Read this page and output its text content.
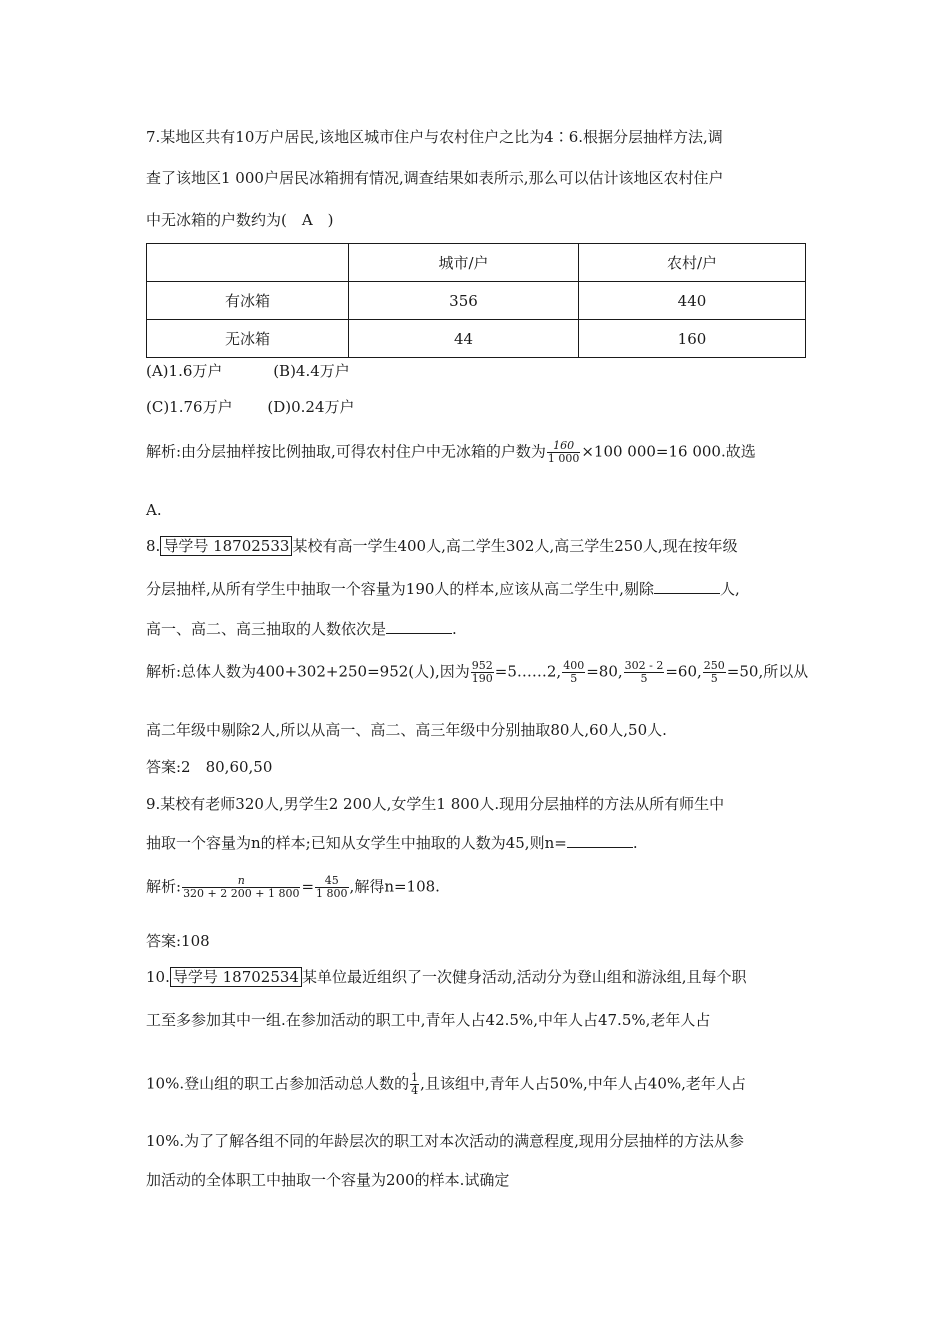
7.某地区共有10万户居民,该地区城市住户与农村住户之比为4∶6.根据分层抽样方法,调
查了该地区1 000户居民冰箱拥有情况,调查结果如表所示,那么可以估计该地区农村住户
中无冰箱的户数约为(　A　)
	城市/户	农村/户
有冰箱	356	440
无冰箱	44	160
(A)1.6万户	(B)4.4万户
(C)1.76万户 (D)0.24万户
解析:由分层抽样按比例抽取,可得农村住户中无冰箱的户数为 $\frac{160}{1 000} \times 100$ 000=16 000.故选
A.
8. 导学号 18702533 某校有高一学生400人,高二学生302人,高三学生250人,现在按年级
分层抽样,从所有学生中抽取一个容量为190人的样本,应该从高二学生中,剔除	人,
高一、高二、高三抽取的人数依次是	.
解析:总体人数为400+302+250=952(人),因为 $\frac{952}{190}$ =5……2, $\frac{400}{5} =80$, $\frac{302 - 2}{5} =60$, $\frac{250}{5} =50$,所以从
高二年级中剔除2人,所以从高一、高二、高三年级中分别抽取80人,60人,50人.
答案:2　80,60,50
9.某校有老师320人,男学生2 200人,女学生1 800人.现用分层抽样的方法从所有师生中
抽取一个容量为n的样本;已知从女学生中抽取的人数为45,则n=	.
解析: $\frac{n}{320 + 2 200 + 1 800} = \frac{45}{1 800}$ ,解得n=108.
答案:108
10. 导学号 18702534 某单位最近组织了一次健身活动,活动分为登山组和游泳组,且每个职
工至多参加其中一组.在参加活动的职工中,青年人占42.5%,中年人占47.5%,老年人占
10%.登山组的职工占参加活动总人数的 $\frac{1}{4}$ ,且该组中,青年人占50%,中年人占40%,老年人占
10%.为了了解各组不同的年龄层次的职工对本次活动的满意程度,现用分层抽样的方法从参
加活动的全体职工中抽取一个容量为200的样本.试确定
